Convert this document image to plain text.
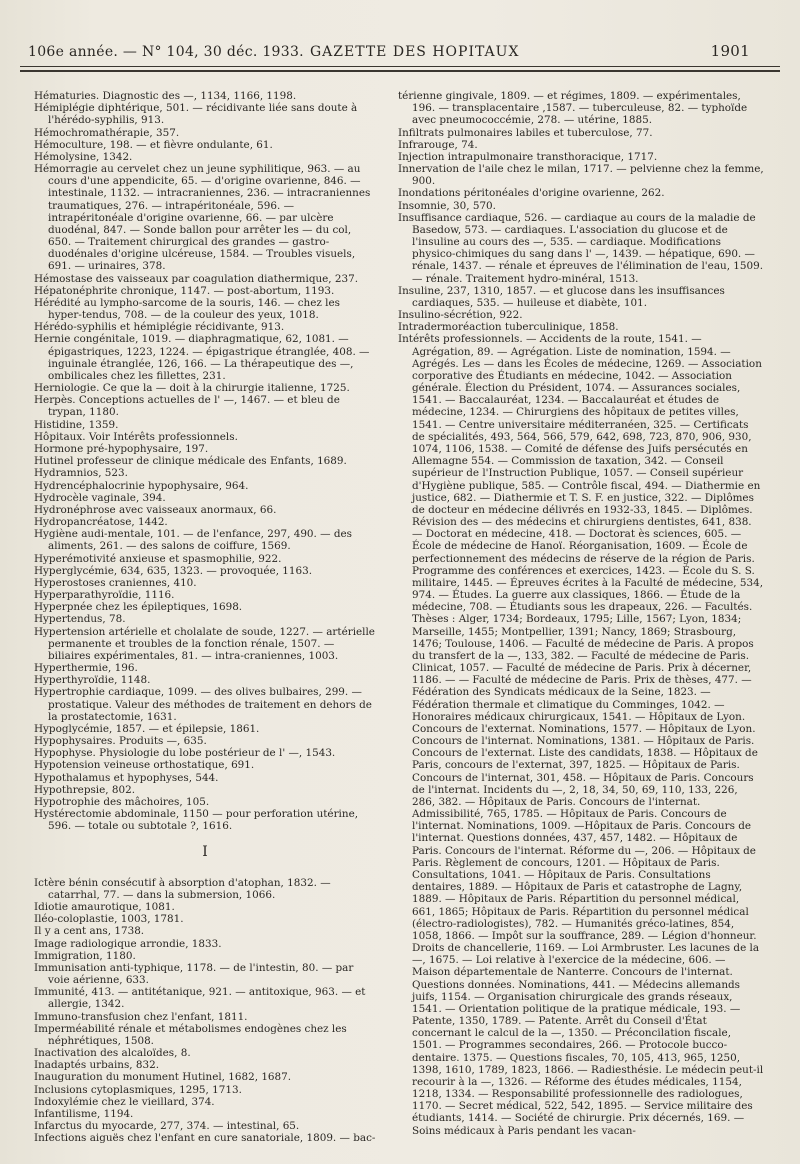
106e année. — N° 104, 30 déc. 1933. GAZETTE DES HOPITAUX	1901

Hématuries. Diagnostic des —, 1134, 1166, 1198.

Hémiplégie diphtérique, 501. — récidivante liée sans doute à l'hérédo-syphilis, 913.

Hémochromathérapie, 357.

Hémoculture, 198. — et fièvre ondulante, 61.

Hémolysine, 1342.

Hémorragie au cervelet chez un jeune syphilitique, 963. — au cours d'une appendicite, 65. — d'origine ovarienne, 846. — intestinale, 1132. — intracraniennes, 236. — intracraniennes traumatiques, 276. — intrapéritonéale, 596. — intrapéritonéale d'origine ovarienne, 66. — par ulcère duodénal, 847. — Sonde ballon pour arrêter les — du col, 650. — Traitement chirurgical des grandes — gastro-duodénales d'origine ulcéreuse, 1584. — Troubles visuels, 691. — urinaires, 378.

Hémostase des vaisseaux par coagulation diathermique, 237.

Hépatonéphrite chronique, 1147. — post-abortum, 1193.

Hérédité au lympho-sarcome de la souris, 146. — chez les hyper-tendus, 708. — de la couleur des yeux, 1018.

Hérédo-syphilis et hémiplégie récidivante, 913.

Hernie congénitale, 1019. — diaphragmatique, 62, 1081. — épigastriques, 1223, 1224. — épigastrique étranglée, 408. — inguinale étranglée, 126, 166. — La thérapeutique des —, ombilicales chez les fillettes, 231.

Herniologie. Ce que la — doit à la chirurgie italienne, 1725.

Herpès. Conceptions actuelles de l' —, 1467. — et bleu de trypan, 1180.

Histidine, 1359.

Hôpitaux. Voir Intérêts professionnels.

Hormone pré-hypophysaire, 197.

Hutinel professeur de clinique médicale des Enfants, 1689.

Hydramnios, 523.

Hydrencéphalocrinie hypophysaire, 964.

Hydrocèle vaginale, 394.

Hydronéphrose avec vaisseaux anormaux, 66.

Hydropancréatose, 1442.

Hygiène audi-mentale, 101. — de l'enfance, 297, 490. — des aliments, 261. — des salons de coiffure, 1569.

Hyperémotivité anxieuse et spasmophilie, 922.

Hyperglycémie, 634, 635, 1323. — provoquée, 1163.

Hyperostoses craniennes, 410.

Hyperparathyroïdie, 1116.

Hyperpnée chez les épileptiques, 1698.

Hypertendus, 78.

Hypertension artérielle et cholalate de soude, 1227. — artérielle permanente et troubles de la fonction rénale, 1507. — biliaires expérimentales, 81. — intra-craniennes, 1003.

Hyperthermie, 196.

Hyperthyroïdie, 1148.

Hypertrophie cardiaque, 1099. — des olives bulbaires, 299. — prostatique. Valeur des méthodes de traitement en dehors de la prostatectomie, 1631.

Hypoglycémie, 1857. — et épilepsie, 1861.

Hypophysaires. Produits —, 635.

Hypophyse. Physiologie du lobe postérieur de l' —, 1543.

Hypotension veineuse orthostatique, 691.

Hypothalamus et hypophyses, 544.

Hypothrepsie, 802.

Hypotrophie des mâchoires, 105.

Hystérectomie abdominale, 1150 — pour perforation utérine, 596. — totale ou subtotale ?, 1616.

I

Ictère bénin consécutif à absorption d'atophan, 1832. — catarrhal, 77. — dans la submersion, 1066.

Idiotie amaurotique, 1081.

Iléo-coloplastie, 1003, 1781.

Il y a cent ans, 1738.

Image radiologique arrondie, 1833.

Immigration, 1180.

Immunisation anti-typhique, 1178. — de l'intestin, 80. — par voie aérienne, 633.

Immunité, 413. — antitétanique, 921. — antitoxique, 963. — et allergie, 1342.

Immuno-transfusion chez l'enfant, 1811.

Imperméabilité rénale et métabolismes endogènes chez les néphrétiques, 1508.

Inactivation des alcaloïdes, 8.

Inadaptés urbains, 832.

Inauguration du monument Hutinel, 1682, 1687.

Inclusions cytoplasmiques, 1295, 1713.

Indoxylémie chez le vieillard, 374.

Infantilisme, 1194.

Infarctus du myocarde, 277, 374. — intestinal, 65.

Infections aiguës chez l'enfant en cure sanatoriale, 1809. — bac-

térienne gingivale, 1809. — et régimes, 1809. — expérimentales, 196. — transplacentaire ,1587. — tuberculeuse, 82. — typhoïde avec pneumococcémie, 278. — utérine, 1885.

Infiltrats pulmonaires labiles et tuberculose, 77.

Infrarouge, 74.

Injection intrapulmonaire transthoracique, 1717.

Innervation de l'aile chez le milan, 1717. — pelvienne chez la femme, 900.

Inondations péritonéales d'origine ovarienne, 262.

Insomnie, 30, 570.

Insuffisance cardiaque, 526. — cardiaque au cours de la maladie de Basedow, 573. — cardiaques. L'association du glucose et de l'insuline au cours des —, 535. — cardiaque. Modifications physico-chimiques du sang dans l' —, 1439. — hépatique, 690. — rénale, 1437. — rénale et épreuves de l'élimination de l'eau, 1509. — rénale. Traitement hydro-minéral, 1513.

Insuline, 237, 1310, 1857. — et glucose dans les insuffisances cardiaques, 535. — huileuse et diabète, 101.

Insulino-sécrétion, 922.

Intradermoréaction tuberculinique, 1858.

Intérêts professionnels. — Accidents de la route, 1541. — Agrégation, 89. — Agrégation. Liste de nomination, 1594. — Agrégés. Les — dans les Écoles de médecine, 1269. — Association corporative des Étudiants en médecine, 1042. — Association générale. Élection du Président, 1074. — Assurances sociales, 1541. — Baccalauréat, 1234. — Baccalauréat et études de médecine, 1234. — Chirurgiens des hôpitaux de petites villes, 1541. — Centre universitaire méditerranéen, 325. — Certificats de spécialités, 493, 564, 566, 579, 642, 698, 723, 870, 906, 930, 1074, 1106, 1538. — Comité de défense des Juifs persécutés en Allemagne 554. — Commission de taxation, 342. — Conseil supérieur de l'Instruction Publique, 1057. — Conseil supérieur d'Hygiène publique, 585. — Contrôle fiscal, 494. — Diathermie en justice, 682. — Diathermie et T. S. F. en justice, 322. — Diplômes de docteur en médecine délivrés en 1932-33, 1845. — Diplômes. Révision des — des médecins et chirurgiens dentistes, 641, 838. — Doctorat en médecine, 418. — Doctorat ès sciences, 605. — École de médecine de Hanoï. Réorganisation, 1609. — École de perfectionnement des médecins de réserve de la région de Paris. Programme des conférences et exercices, 1423. — École du S. S. militaire, 1445. — Épreuves écrites à la Faculté de médecine, 534, 974. — Études. La guerre aux classiques, 1866. — Étude de la médecine, 708. — Étudiants sous les drapeaux, 226. — Facultés. Thèses : Alger, 1734; Bordeaux, 1795; Lille, 1567; Lyon, 1834; Marseille, 1455; Montpellier, 1391; Nancy, 1869; Strasbourg, 1476; Toulouse, 1406. — Faculté de médecine de Paris. A propos du transfert de la —, 133, 382. — Faculté de médecine de Paris. Clinicat, 1057. — Faculté de médecine de Paris. Prix à décerner, 1186. — — Faculté de médecine de Paris. Prix de thèses, 477. — Fédération des Syndicats médicaux de la Seine, 1823. — Fédération thermale et climatique du Comminges, 1042. — Honoraires médicaux chirurgicaux, 1541. — Hôpitaux de Lyon. Concours de l'externat. Nominations, 1577. — Hôpitaux de Lyon. Concours de l'internat. Nominations, 1381. — Hôpitaux de Paris. Concours de l'externat. Liste des candidats, 1838. — Hôpitaux de Paris, concours de l'externat, 397, 1825. — Hôpitaux de Paris. Concours de l'internat, 301, 458. — Hôpitaux de Paris. Concours de l'internat. Incidents du —, 2, 18, 34, 50, 69, 110, 133, 226, 286, 382. — Hôpitaux de Paris. Concours de l'internat. Admissibilité, 765, 1785. — Hôpitaux de Paris. Concours de l'internat. Nominations, 1009. —Hôpitaux de Paris. Concours de l'internat. Questions données, 437, 457, 1482. — Hôpitaux de Paris. Concours de l'internat. Réforme du —, 206. — Hôpitaux de Paris. Règlement de concours, 1201. — Hôpitaux de Paris. Consultations, 1041. — Hôpitaux de Paris. Consultations dentaires, 1889. — Hôpitaux de Paris et catastrophe de Lagny, 1889. — Hôpitaux de Paris. Répartition du personnel médical, 661, 1865; Hôpitaux de Paris. Répartition du personnel médical (électro-radiologistes), 782. — Humanités gréco-latines, 854, 1058, 1866. — Impôt sur la souffrance, 289. — Légion d'honneur. Droits de chancellerie, 1169. — Loi Armbruster. Les lacunes de la —, 1675. — Loi relative à l'exercice de la médecine, 606. — Maison départementale de Nanterre. Concours de l'internat. Questions données. Nominations, 441. — Médecins allemands juifs, 1154. — Organisation chirurgicale des grands réseaux, 1541. — Orientation politique de la pratique médicale, 193. — Patente, 1350, 1789. — Patente. Arrêt du Conseil d'État concernant le calcul de la —, 1350. — Préconcilation fiscale, 1501. — Programmes secondaires, 266. — Protocole bucco-dentaire. 1375. — Questions fiscales, 70, 105, 413, 965, 1250, 1398, 1610, 1789, 1823, 1866. — Radiesthésie. Le médecin peut-il recourir à la —, 1326. — Réforme des études médicales, 1154, 1218, 1334. — Responsabilité professionnelle des radiologues, 1170. — Secret médical, 522, 542, 1895. — Service militaire des étudiants, 1414. — Société de chirurgie. Prix décernés, 169. — Soins médicaux à Paris pendant les vacan-
